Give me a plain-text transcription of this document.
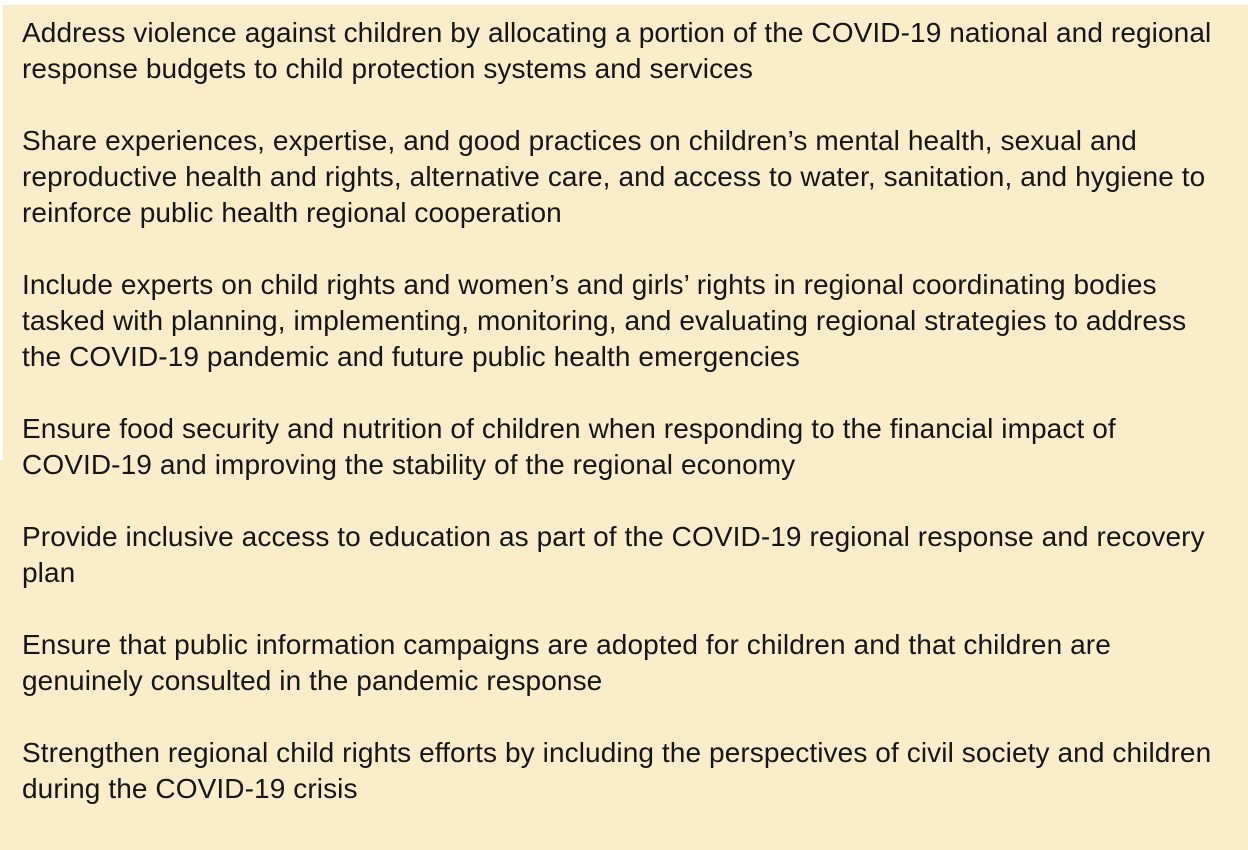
Address violence against children by allocating a portion of the COVID-19 national and regional response budgets to child protection systems and services

Share experiences, expertise, and good practices on children’s mental health, sexual and reproductive health and rights, alternative care, and access to water, sanitation, and hygiene to reinforce public health regional cooperation

Include experts on child rights and women’s and girls’ rights in regional coordinating bodies tasked with planning, implementing, monitoring, and evaluating regional strategies to address the COVID-19 pandemic and future public health emergencies

Ensure food security and nutrition of children when responding to the financial impact of COVID-19 and improving the stability of the regional economy

Provide inclusive access to education as part of the COVID-19 regional response and recovery plan

Ensure that public information campaigns are adopted for children and that children are genuinely consulted in the pandemic response

Strengthen regional child rights efforts by including the perspectives of civil society and children during the COVID-19 crisis
